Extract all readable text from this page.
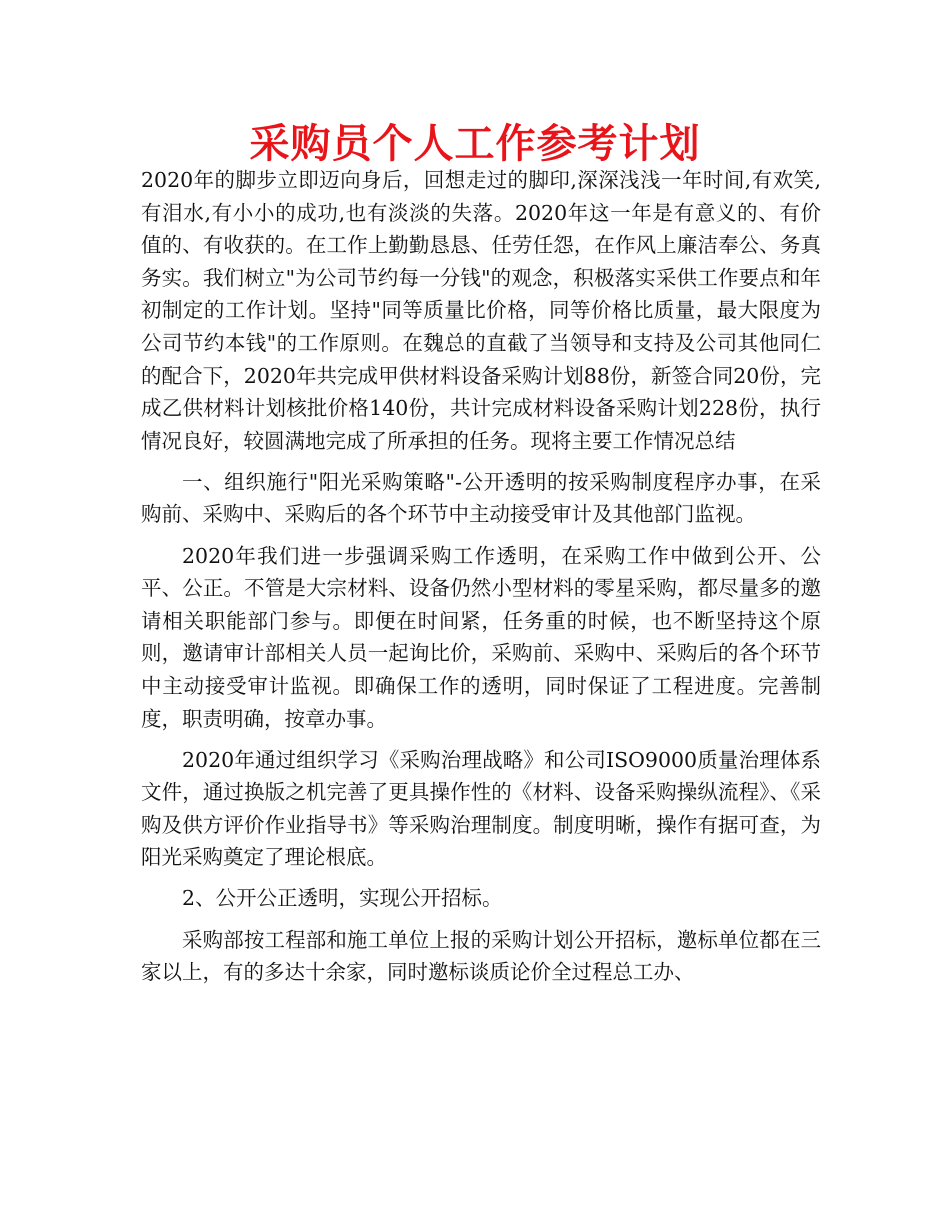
采购员个人工作参考计划

2020年的脚步立即迈向身后，回想走过的脚印,深深浅浅一年时间,有欢笑,有泪水,有小小的成功,也有淡淡的失落。2020年这一年是有意义的、有价值的、有收获的。在工作上勤勤恳恳、任劳任怨，在作风上廉洁奉公、务真务实。我们树立"为公司节约每一分钱"的观念，积极落实采供工作要点和年初制定的工作计划。坚持"同等质量比价格，同等价格比质量，最大限度为公司节约本钱"的工作原则。在魏总的直截了当领导和支持及公司其他同仁的配合下，2020年共完成甲供材料设备采购计划88份，新签合同20份，完成乙供材料计划核批价格140份，共计完成材料设备采购计划228份，执行情况良好，较圆满地完成了所承担的任务。现将主要工作情况总结

一、组织施行"阳光采购策略"-公开透明的按采购制度程序办事，在采购前、采购中、采购后的各个环节中主动接受审计及其他部门监视。

2020年我们进一步强调采购工作透明，在采购工作中做到公开、公平、公正。不管是大宗材料、设备仍然小型材料的零星采购，都尽量多的邀请相关职能部门参与。即便在时间紧，任务重的时候，也不断坚持这个原则，邀请审计部相关人员一起询比价，采购前、采购中、采购后的各个环节中主动接受审计监视。即确保工作的透明，同时保证了工程进度。完善制度，职责明确，按章办事。

2020年通过组织学习《采购治理战略》和公司ISO9000质量治理体系文件，通过换版之机完善了更具操作性的《材料、设备采购操纵流程》、《采购及供方评价作业指导书》等采购治理制度。制度明晰，操作有据可查，为阳光采购奠定了理论根底。

2、公开公正透明，实现公开招标。

采购部按工程部和施工单位上报的采购计划公开招标，邀标单位都在三家以上，有的多达十余家，同时邀标谈质论价全过程总工办、
